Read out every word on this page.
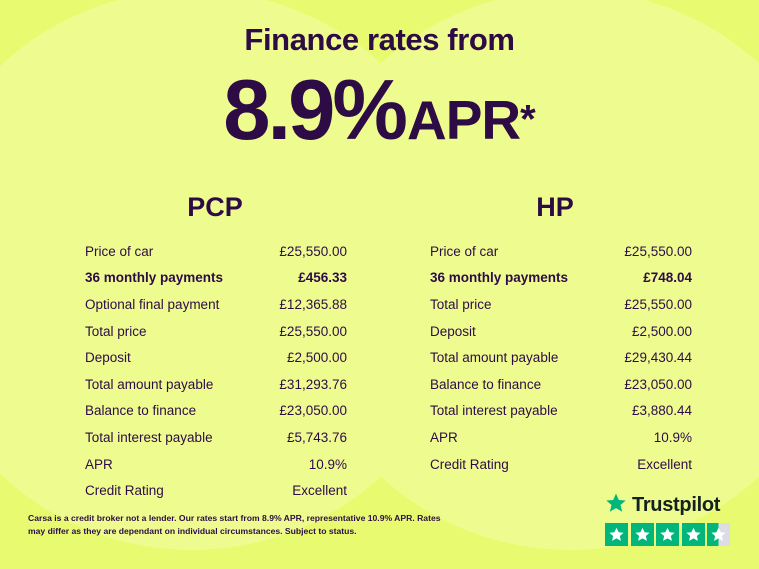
Finance rates from
8.9%APR*
PCP	HP
Price of car	£25,550.00
36 monthly payments	£456.33
Optional final payment	£12,365.88
Total price	£25,550.00
Deposit	£2,500.00
Total amount payable	£31,293.76
Balance to finance	£23,050.00
Total interest payable	£5,743.76
APR	10.9%
Credit Rating	Excellent
Price of car	£25,550.00
36 monthly payments	£748.04
Total price	£25,550.00
Deposit	£2,500.00
Total amount payable	£29,430.44
Balance to finance	£23,050.00
Total interest payable	£3,880.44
APR	10.9%
Credit Rating	Excellent
Carsa is a credit broker not a lender. Our rates start from 8.9% APR, representative 10.9% APR. Rates may differ as they are dependant on individual circumstances. Subject to status.
Trustpilot
